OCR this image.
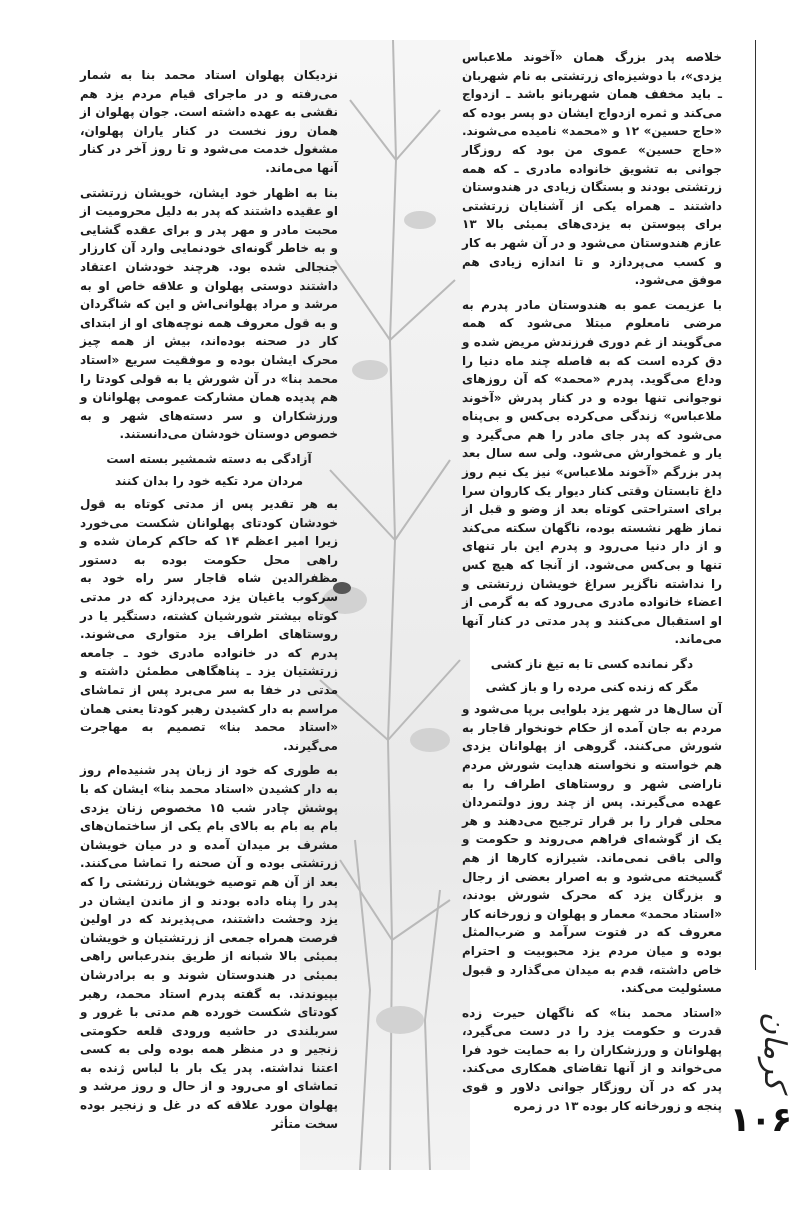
خلاصه پدر بزرگ همان «آخوند ملاعباس یزدی»، با دوشیزه‌ای زرتشتی به نام شهربان ـ باید مخفف همان شهربانو باشد ـ ازدواج می‌کند و ثمره ازدواج ایشان دو پسر بوده که «حاج حسین» ۱۲ و «محمد» نامیده می‌شوند. «حاج حسین» عموی من بود که روزگار جوانی به تشویق خانواده مادری ـ که همه زرتشتی بودند و بستگان زیادی در هندوستان داشتند ـ همراه یکی از آشنایان زرتشتی برای پیوستن به یزدی‌های بمبئی بالا ۱۳ عازم هندوستان می‌شود و در آن شهر به کار و کسب می‌پردازد و تا اندازه زیادی هم موفق می‌شود.

با عزیمت عمو به هندوستان مادر پدرم به مرضی نامعلوم مبتلا می‌شود که همه می‌گویند از غم دوری فرزندش مریض شده و دق کرده است که به فاصله چند ماه دنیا را وداع می‌گوید. پدرم «محمد» که آن روزهای نوجوانی تنها بوده و در کنار پدرش «آخوند ملاعباس» زندگی می‌کرده بی‌کس و بی‌پناه می‌شود که پدر جای مادر را هم می‌گیرد و یار و غمخوارش می‌شود. ولی سه سال بعد پدر بزرگم «آخوند ملاعباس» نیز یک نیم روز داغ تابستان وقتی کنار دیوار یک کاروان سرا برای استراحتی کوتاه بعد از وضو و قبل از نماز ظهر نشسته بوده، ناگهان سکته می‌کند و از دار دنیا می‌رود و پدرم این بار تنهای تنها و بی‌کس می‌شود. از آنجا که هیچ کس را نداشته ناگزیر سراغ خویشان زرتشتی و اعضاء خانواده مادری می‌رود که به گرمی از او استقبال می‌کنند و پدر مدتی در کنار آنها می‌ماند.

دگر نمانده کسی تا به تیغ ناز کشی

مگر که زنده کنی مرده را و باز کشی

آن سال‌ها در شهر یزد بلوایی برپا می‌شود و مردم به جان آمده از حکام خونخوار قاجار به شورش می‌کنند. گروهی از پهلوانان یزدی هم خواسته و نخواسته هدایت شورش مردم ناراضی شهر و روستاهای اطراف را به عهده می‌گیرند. پس از چند روز دولتمردان محلی فرار را بر قرار ترجیح می‌دهند و هر یک از گوشه‌ای فراهم می‌روند و حکومت و والی باقی نمی‌ماند. شیرازه کارها از هم گسیخته می‌شود و به اصرار بعضی از رجال و بزرگان یزد که محرک شورش بودند، «استاد محمد» معمار و پهلوان و زورخانه کار معروف که در فتوت سرآمد و ضرب‌المثل بوده و میان مردم یزد محبوبیت و احترام خاص داشته، قدم به میدان می‌گذارد و قبول مسئولیت می‌کند.

«استاد محمد بنا» که ناگهان حیرت زده قدرت و حکومت یزد را در دست می‌گیرد، پهلوانان و ورزشکاران را به حمایت خود فرا می‌خواند و از آنها تقاضای همکاری می‌کند. پدر که در آن روزگار جوانی دلاور و قوی پنجه و زورخانه کار بوده ۱۳ در زمره

نزدیکان پهلوان استاد محمد بنا به شمار می‌رفته و در ماجرای قیام مردم یزد هم نقشی به عهده داشته است. جوان پهلوان از همان روز نخست در کنار یاران پهلوان، مشغول خدمت می‌شود و تا روز آخر در کنار آنها می‌ماند.

بنا به اظهار خود ایشان، خویشان زرتشتی او عقیده داشتند که پدر به دلیل محرومیت از محبت مادر و مهر پدر و برای عقده گشایی و به خاطر گونه‌ای خودنمایی وارد آن کارزار جنجالی شده بود. هرچند خودشان اعتقاد داشتند دوستی پهلوان و علاقه خاص او به مرشد و مراد پهلوانی‌اش و این که شاگردان و به قول معروف همه نوچه‌های او از ابتدای کار در صحنه بوده‌اند، بیش از همه چیز محرک ایشان بوده و موفقیت سریع «استاد محمد بنا» در آن شورش یا به قولی کودتا را هم پدیده همان مشارکت عمومی پهلوانان و ورزشکاران و سر دسته‌های شهر و به خصوص دوستان خودشان می‌دانستند.

آزادگی به دسته شمشیر بسته است

مردان مرد تکیه خود را بدان کنند

به هر تقدیر پس از مدتی کوتاه به قول خودشان کودتای پهلوانان شکست می‌خورد زیرا امیر اعظم ۱۴ که حاکم کرمان شده و راهی محل حکومت بوده به دستور مظفرالدین شاه قاجار سر راه خود به سرکوب یاغیان یزد می‌پردازد که در مدتی کوتاه بیشتر شورشیان کشته، دستگیر یا در روستاهای اطراف یزد متواری می‌شوند. پدرم که در خانواده مادری خود ـ جامعه زرتشتیان یزد ـ پناهگاهی مطمئن داشته و مدتی در خفا به سر می‌برد پس از تماشای مراسم به دار کشیدن رهبر کودتا یعنی همان «استاد محمد بنا» تصمیم به مهاجرت می‌گیرند.

به طوری که خود از زبان پدر شنیده‌ام روز به دار کشیدن «استاد محمد بنا» ایشان که با پوشش چادر شب ۱۵ مخصوص زنان یزدی بام به بام به بالای بام یکی از ساختمان‌های مشرف بر میدان آمده و در میان خویشان زرتشتی بوده و آن صحنه را تماشا می‌کنند. بعد از آن هم توصیه خویشان زرتشتی را که پدر را پناه داده بودند و از ماندن ایشان در یزد وحشت داشتند، می‌پذیرند که در اولین فرصت همراه جمعی از زرتشتیان و خویشان بمبئی بالا شبانه از طریق بندرعباس راهی بمبئی در هندوستان شوند و به برادرشان بپیوندند. به گفته پدرم استاد محمد، رهبر کودتای شکست خورده هم مدتی با غرور و سربلندی در حاشیه ورودی قلعه حکومتی زنجیر و در منظر همه بوده ولی به کسی اعتنا نداشته. پدر یک بار با لباس ژنده به تماشای او می‌رود و از حال و روز مرشد و پهلوان مورد علاقه که در غل و زنجیر بوده سخت متأثر

کرمان
۱۰۶
